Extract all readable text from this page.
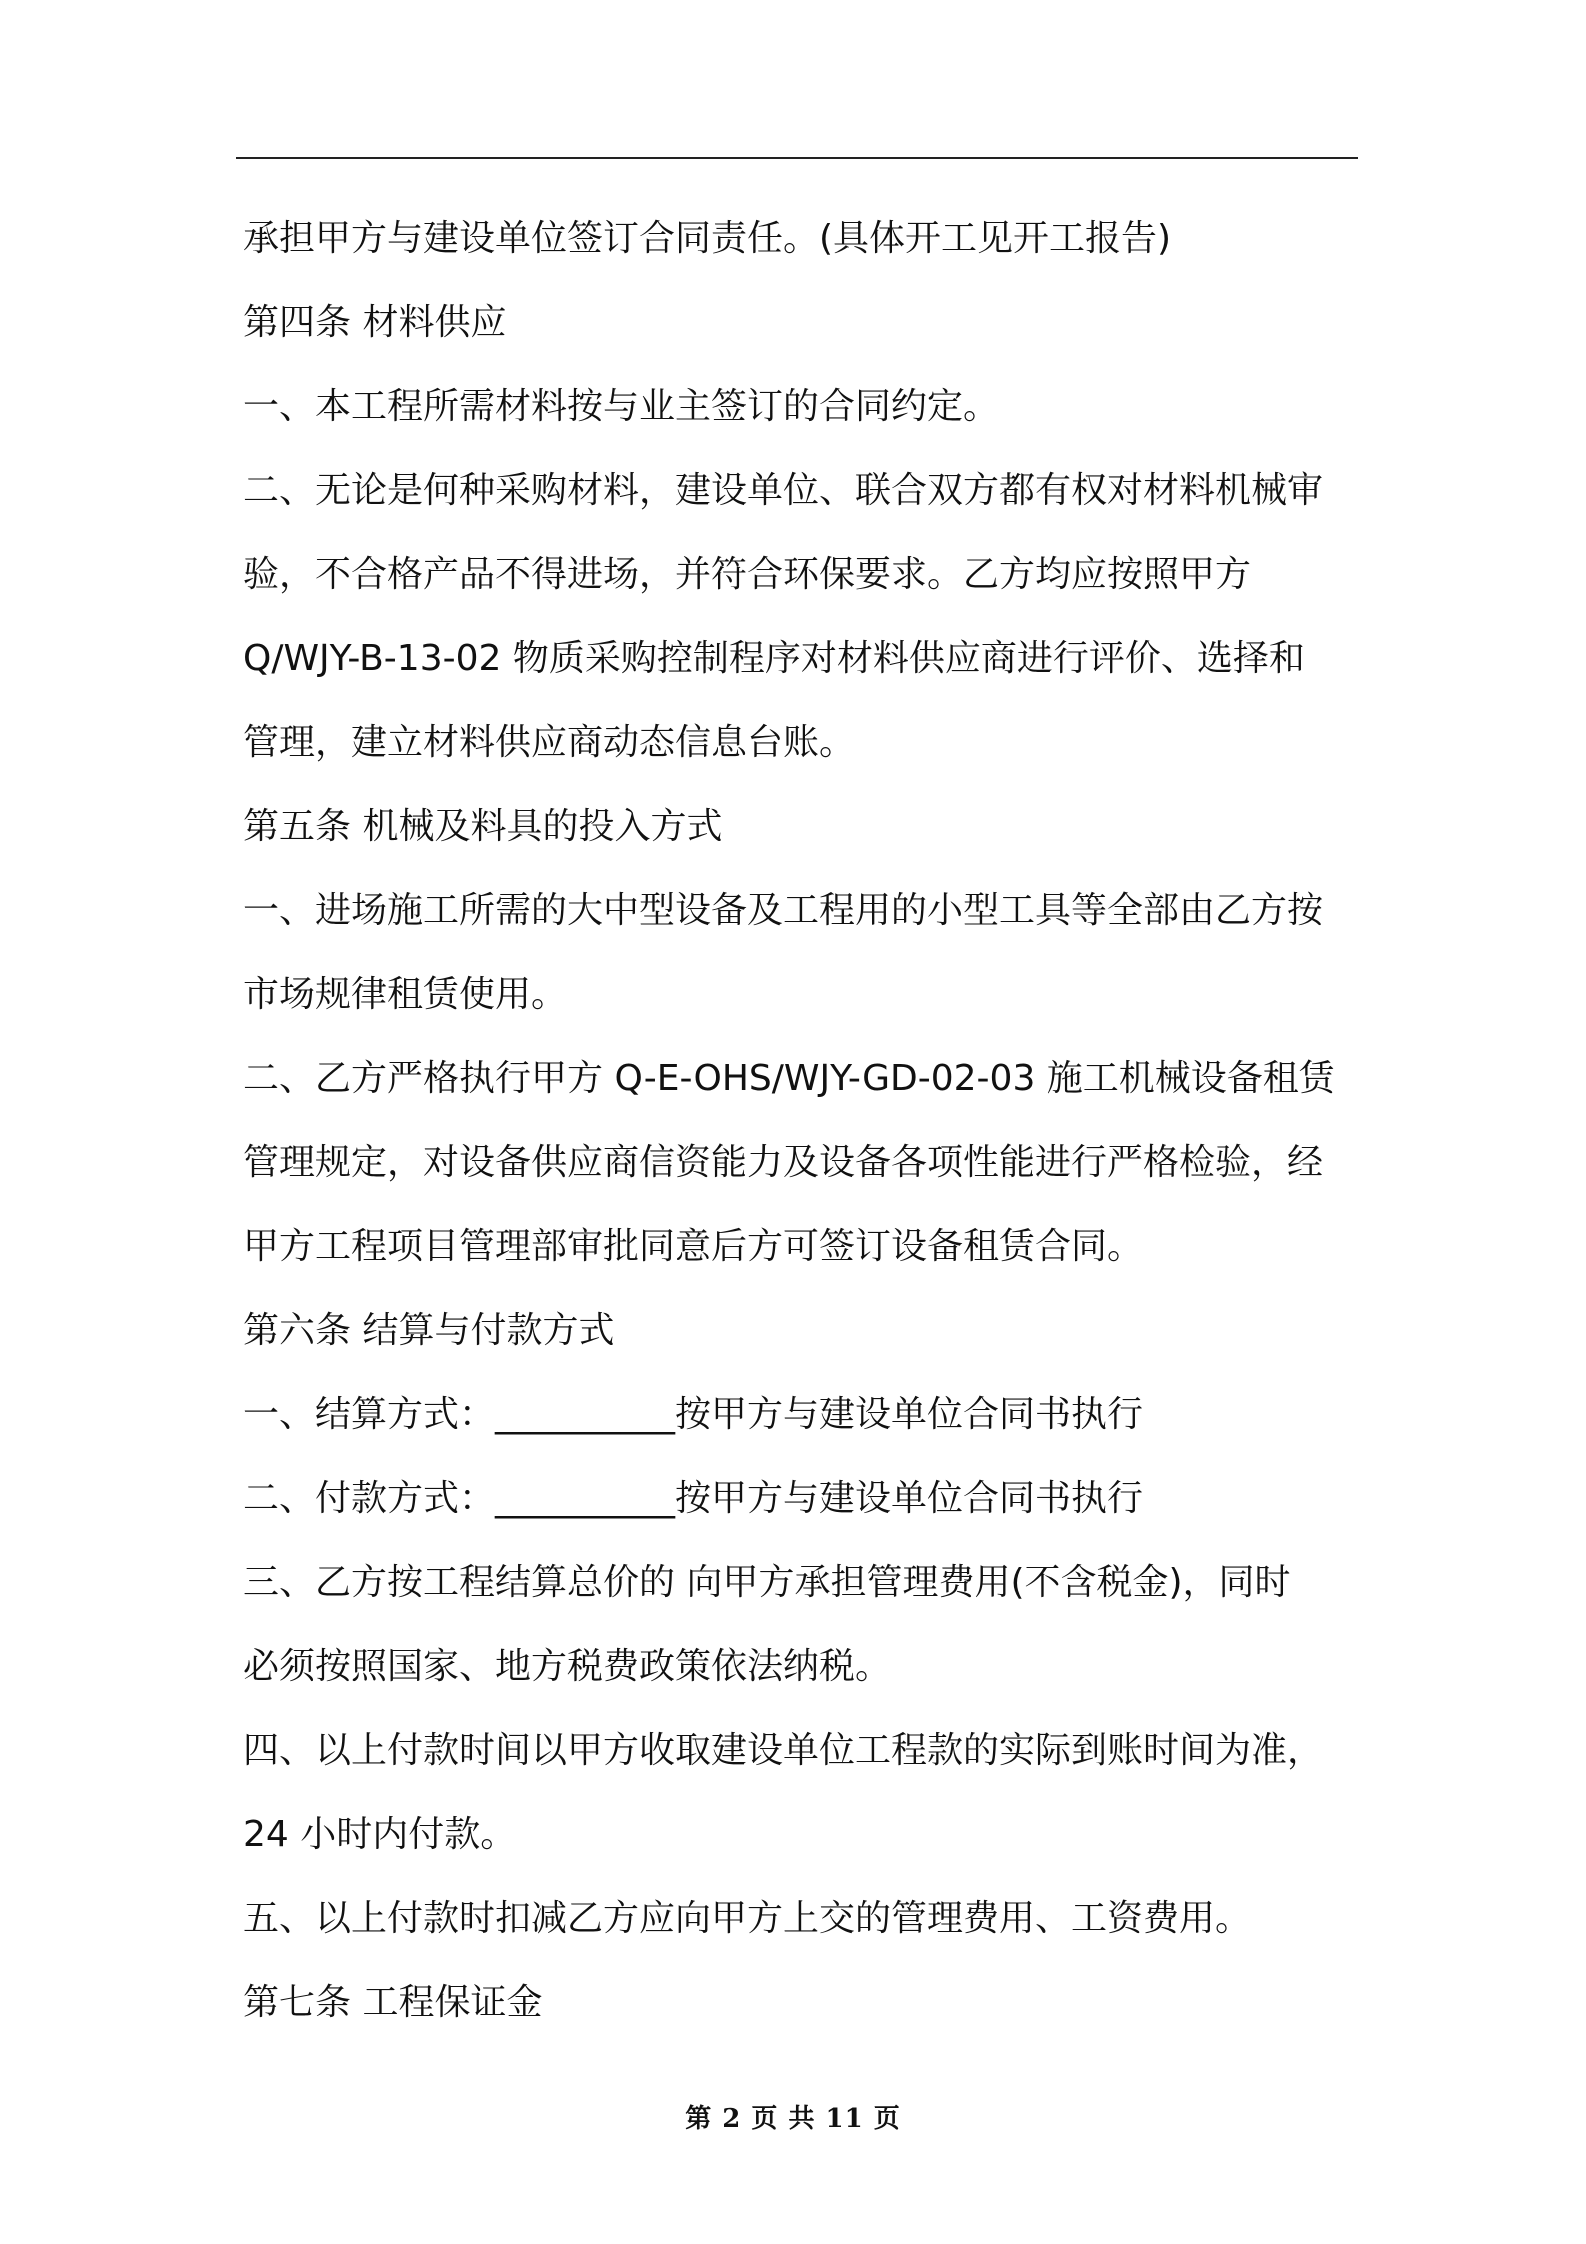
承担甲方与建设单位签订合同责任。(具体开工见开工报告)
第四条 材料供应
一、本工程所需材料按与业主签订的合同约定。
二、无论是何种采购材料，建设单位、联合双方都有权对材料机械审
验，不合格产品不得进场，并符合环保要求。乙方均应按照甲方
Q/WJY-B-13-02 物质采购控制程序对材料供应商进行评价、选择和
管理，建立材料供应商动态信息台账。
第五条 机械及料具的投入方式
一、进场施工所需的大中型设备及工程用的小型工具等全部由乙方按
市场规律租赁使用。
二、乙方严格执行甲方 Q-E-OHS/WJY-GD-02-03 施工机械设备租赁
管理规定，对设备供应商信资能力及设备各项性能进行严格检验，经
甲方工程项目管理部审批同意后方可签订设备租赁合同。
第六条 结算与付款方式
一、结算方式：__________按甲方与建设单位合同书执行
二、付款方式：__________按甲方与建设单位合同书执行
三、乙方按工程结算总价的 向甲方承担管理费用(不含税金)，同时
必须按照国家、地方税费政策依法纳税。
四、以上付款时间以甲方收取建设单位工程款的实际到账时间为准，
24 小时内付款。
五、以上付款时扣减乙方应向甲方上交的管理费用、工资费用。
第七条 工程保证金
第 2 页 共 11 页
